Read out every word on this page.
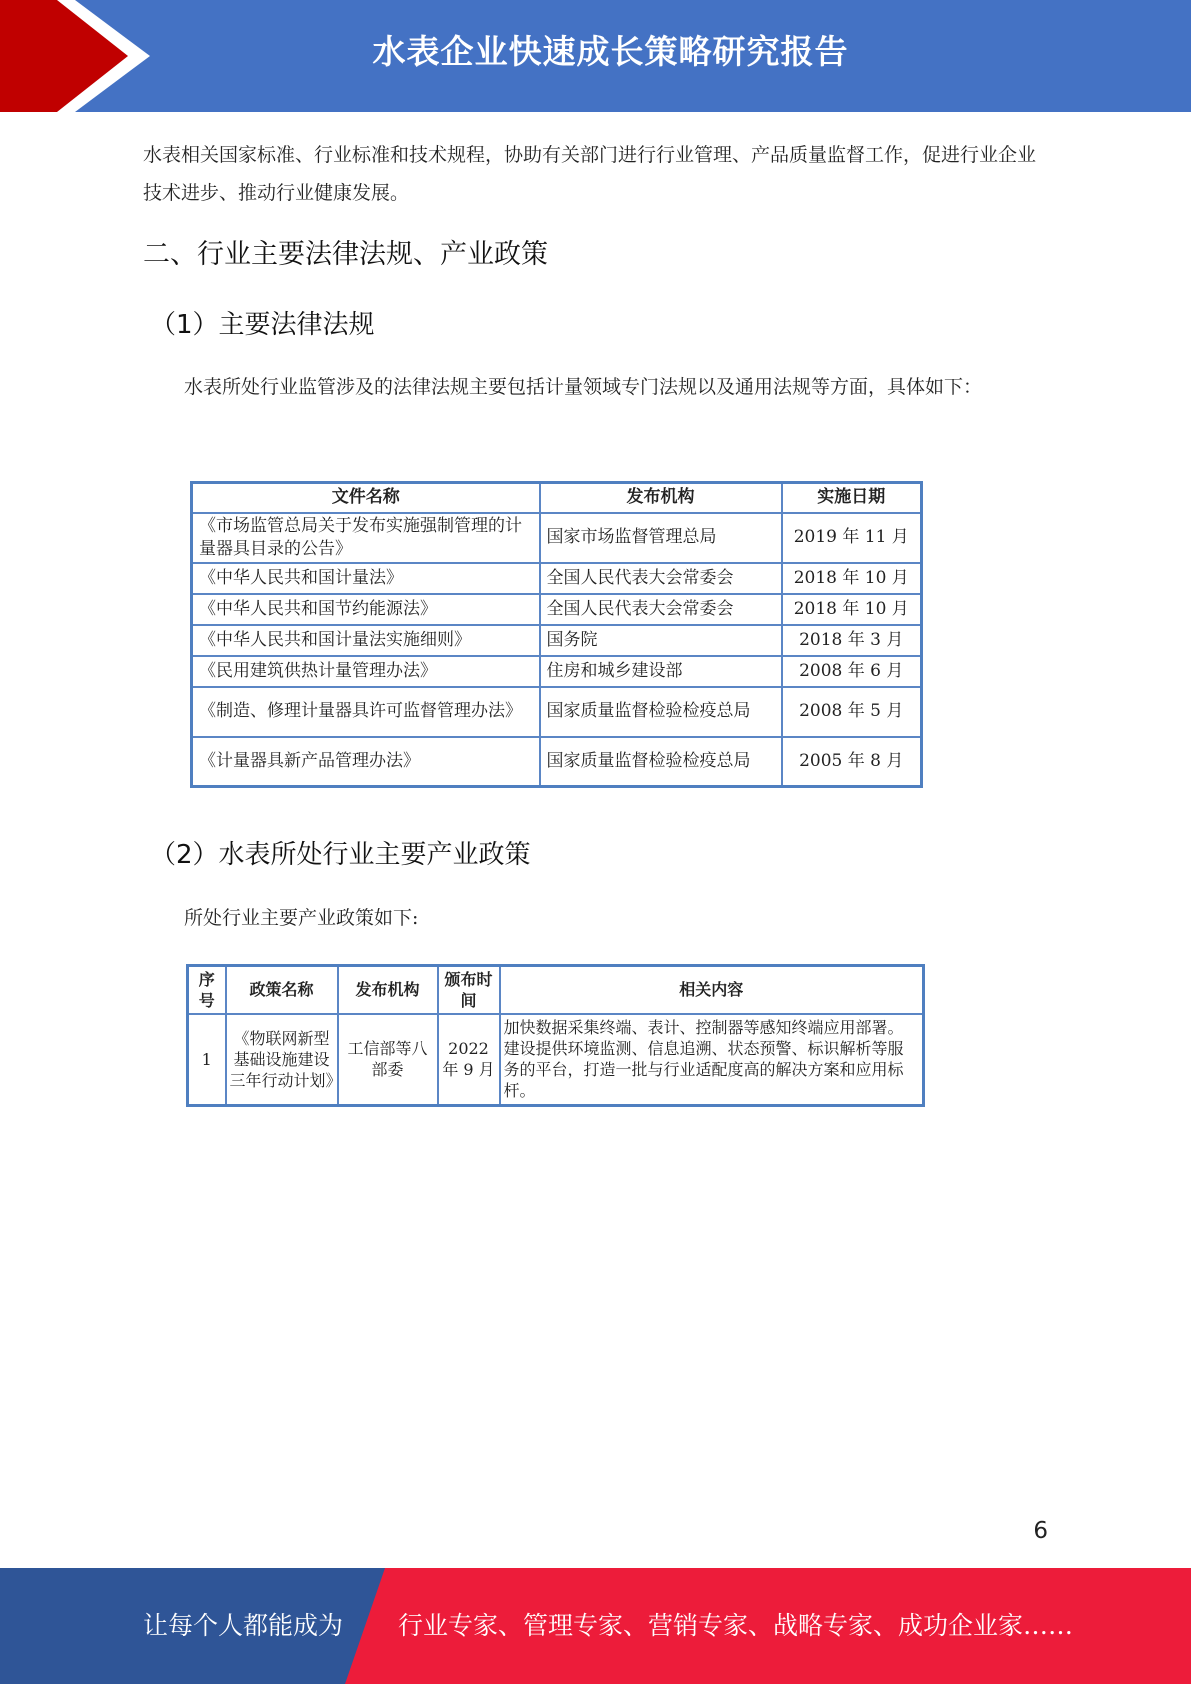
水表企业快速成长策略研究报告
水表相关国家标准、行业标准和技术规程，协助有关部门进行行业管理、产品质量监督工作，促进行业企业技术进步、推动行业健康发展。
二、行业主要法律法规、产业政策
（1）主要法律法规
水表所处行业监管涉及的法律法规主要包括计量领域专门法规以及通用法规等方面，具体如下：
文件名称	发布机构	实施日期
《市场监管总局关于发布实施强制管理的计量器具目录的公告》	国家市场监督管理总局	2019 年 11 月
《中华人民共和国计量法》	全国人民代表大会常委会	2018 年 10 月
《中华人民共和国节约能源法》	全国人民代表大会常委会	2018 年 10 月
《中华人民共和国计量法实施细则》	国务院	2018 年 3 月
《民用建筑供热计量管理办法》	住房和城乡建设部	2008 年 6 月
《制造、修理计量器具许可监督管理办法》	国家质量监督检验检疫总局	2008 年 5 月
《计量器具新产品管理办法》	国家质量监督检验检疫总局	2005 年 8 月
（2）水表所处行业主要产业政策
所处行业主要产业政策如下:
序号	政策名称	发布机构	颁布时间	相关内容
1	《物联网新型基础设施建设三年行动计划》	工信部等八部委	2022 年 9 月	加快数据采集终端、表计、控制器等感知终端应用部署。建设提供环境监测、信息追溯、状态预警、标识解析等服务的平台，打造一批与行业适配度高的解决方案和应用标杆。
6
让每个人都能成为 行业专家、管理专家、营销专家、战略专家、成功企业家……
